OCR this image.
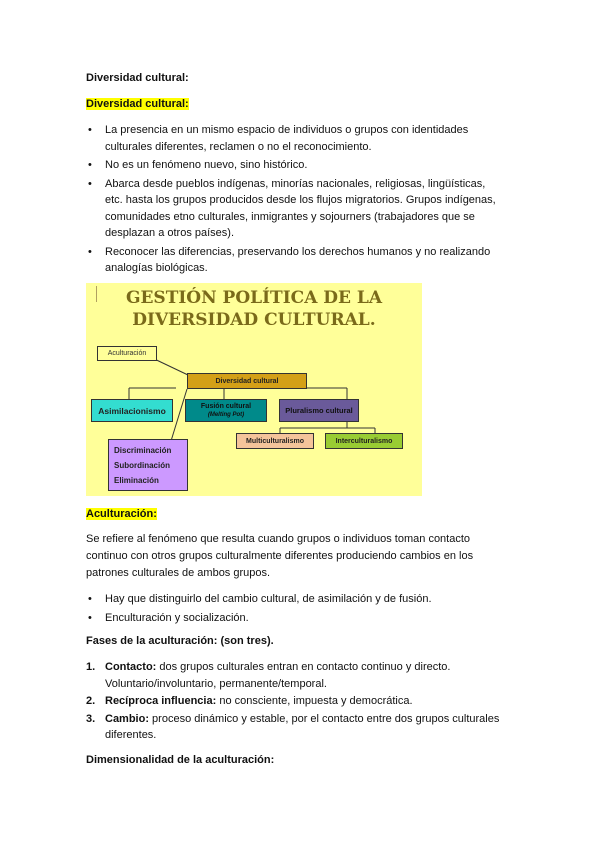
Diversidad cultural:

Diversidad cultural:

• La presencia en un mismo espacio de individuos o grupos con identidades culturales diferentes, reclamen o no el reconocimiento.
• No es un fenómeno nuevo, sino histórico.
• Abarca desde pueblos indígenas, minorías nacionales, religiosas, lingüísticas, etc. hasta los grupos producidos desde los flujos migratorios. Grupos indígenas, comunidades etno culturales, inmigrantes y sojourners (trabajadores que se desplazan a otros países).
• Reconocer las diferencias, preservando los derechos humanos y no realizando analogías biológicas.
GESTIÓN POLÍTICA DE LA
DIVERSIDAD CULTURAL.
Aculturación
Diversidad cultural
Asimilacionismo	Fusión cultural
(Melting Pot)	Pluralismo cultural
Multiculturalismo	Interculturalismo
Discriminación
Subordinación
Eliminación

Aculturación:

Se refiere al fenómeno que resulta cuando grupos o individuos toman contacto continuo con otros grupos culturalmente diferentes produciendo cambios en los patrones culturales de ambos grupos.

• Hay que distinguirlo del cambio cultural, de asimilación y de fusión.
• Enculturación y socialización.

Fases de la aculturación: (son tres).

1. Contacto: dos grupos culturales entran en contacto continuo y directo. Voluntario/involuntario, permanente/temporal.
2. Recíproca influencia: no consciente, impuesta y democrática.
3. Cambio: proceso dinámico y estable, por el contacto entre dos grupos culturales diferentes.

Dimensionalidad de la aculturación:
